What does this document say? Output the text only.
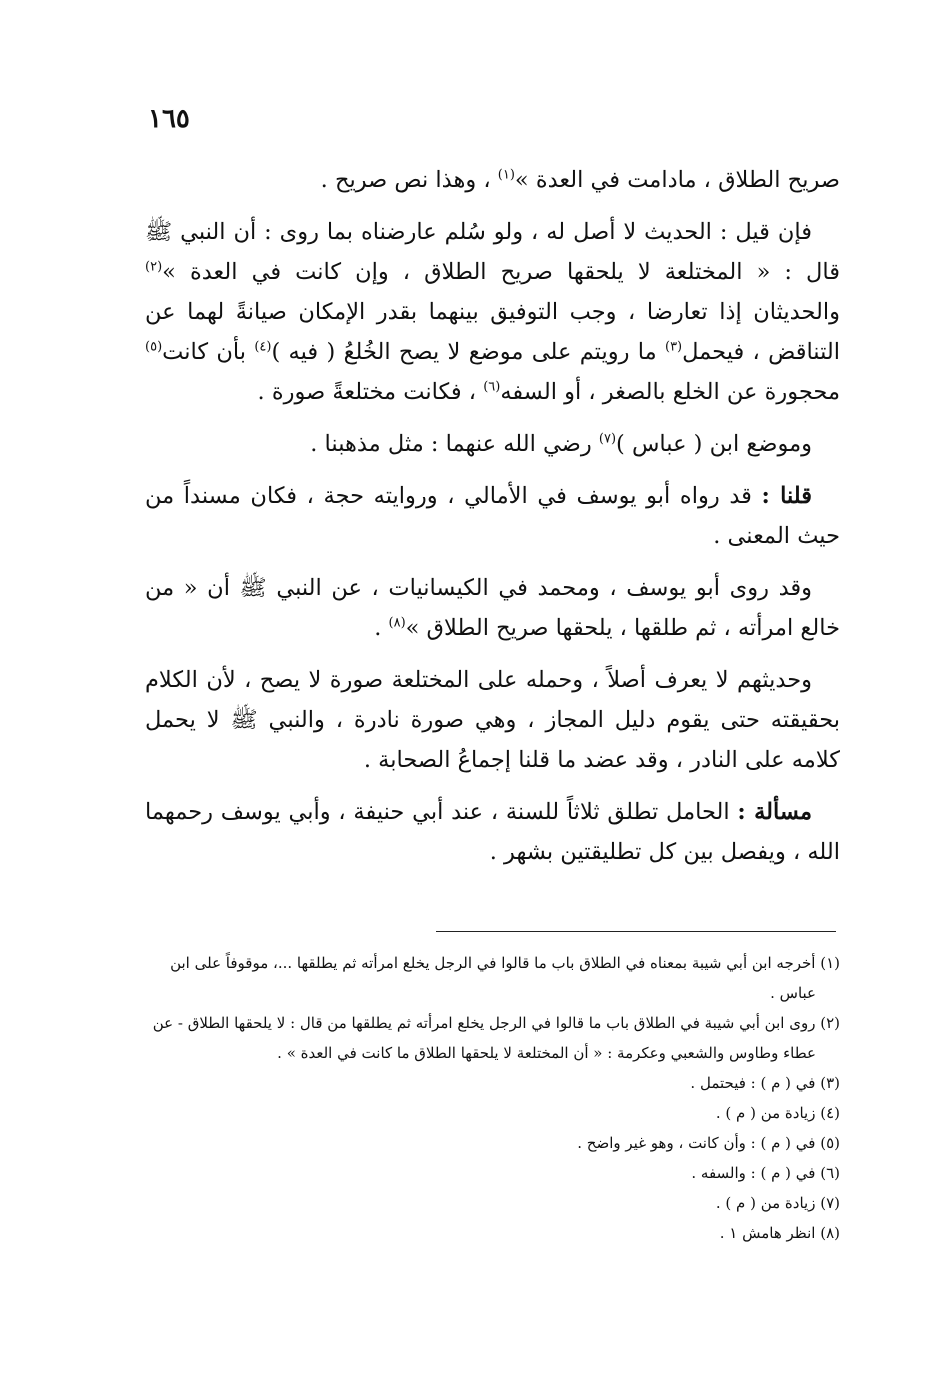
١٦٥

صريح الطلاق ، مادامت في العدة »$^{(١)}$ ، وهذا نص صريح .

فإن قيل : الحديث لا أصل له ، ولو سُلم عارضناه بما روى : أن النبي ﷺ قال : « المختلعة لا يلحقها صريح الطلاق ، وإن كانت في العدة »$^{(٢)}$ والحديثان إذا تعارضا ، وجب التوفيق بينهما بقدر الإمكان صيانةً لهما عن التناقض ، فيحمل$^{(٣)}$ ما رويتم على موضع لا يصح الخُلعُ ( فيه )$^{(٤)}$ بأن كانت$^{(٥)}$ محجورة عن الخلع بالصغر ، أو السفه$^{(٦)}$ ، فكانت مختلعةً صورة .

وموضع ابن ( عباس )$^{(٧)}$ رضي الله عنهما : مثل مذهبنا .

قلنا : قد رواه أبو يوسف في الأمالي ، وروايته حجة ، فكان مسنداً من حيث المعنى .

وقد روى أبو يوسف ، ومحمد في الكيسانيات ، عن النبي ﷺ أن « من خالع امرأته ، ثم طلقها ، يلحقها صريح الطلاق »$^{(٨)}$ .

وحديثهم لا يعرف أصلاً ، وحمله على المختلعة صورة لا يصح ، لأن الكلام بحقيقته حتى يقوم دليل المجاز ، وهي صورة نادرة ، والنبي ﷺ لا يحمل كلامه على النادر ، وقد عضد ما قلنا إجماعُ الصحابة .

مسألة : الحامل تطلق ثلاثاً للسنة ، عند أبي حنيفة ، وأبي يوسف رحمهما الله ، ويفصل بين كل تطليقتين بشهر .

(١) أخرجه ابن أبي شيبة بمعناه في الطلاق باب ما قالوا في الرجل يخلع امرأته ثم يطلقها ...، موقوفاً على ابن

عباس .

(٢) روى ابن أبي شيبة في الطلاق باب ما قالوا في الرجل يخلع امرأته ثم يطلقها من قال : لا يلحقها الطلاق - عن

عطاء وطاوس والشعبي وعكرمة : « أن المختلعة لا يلحقها الطلاق ما كانت في العدة » .

(٣) في ( م ) : فيحتمل .

(٤) زيادة من ( م ) .

(٥) في ( م ) : وأن كانت ، وهو غير واضح .

(٦) في ( م ) : والسفه .

(٧) زيادة من ( م ) .

(٨) انظر هامش ١ .
